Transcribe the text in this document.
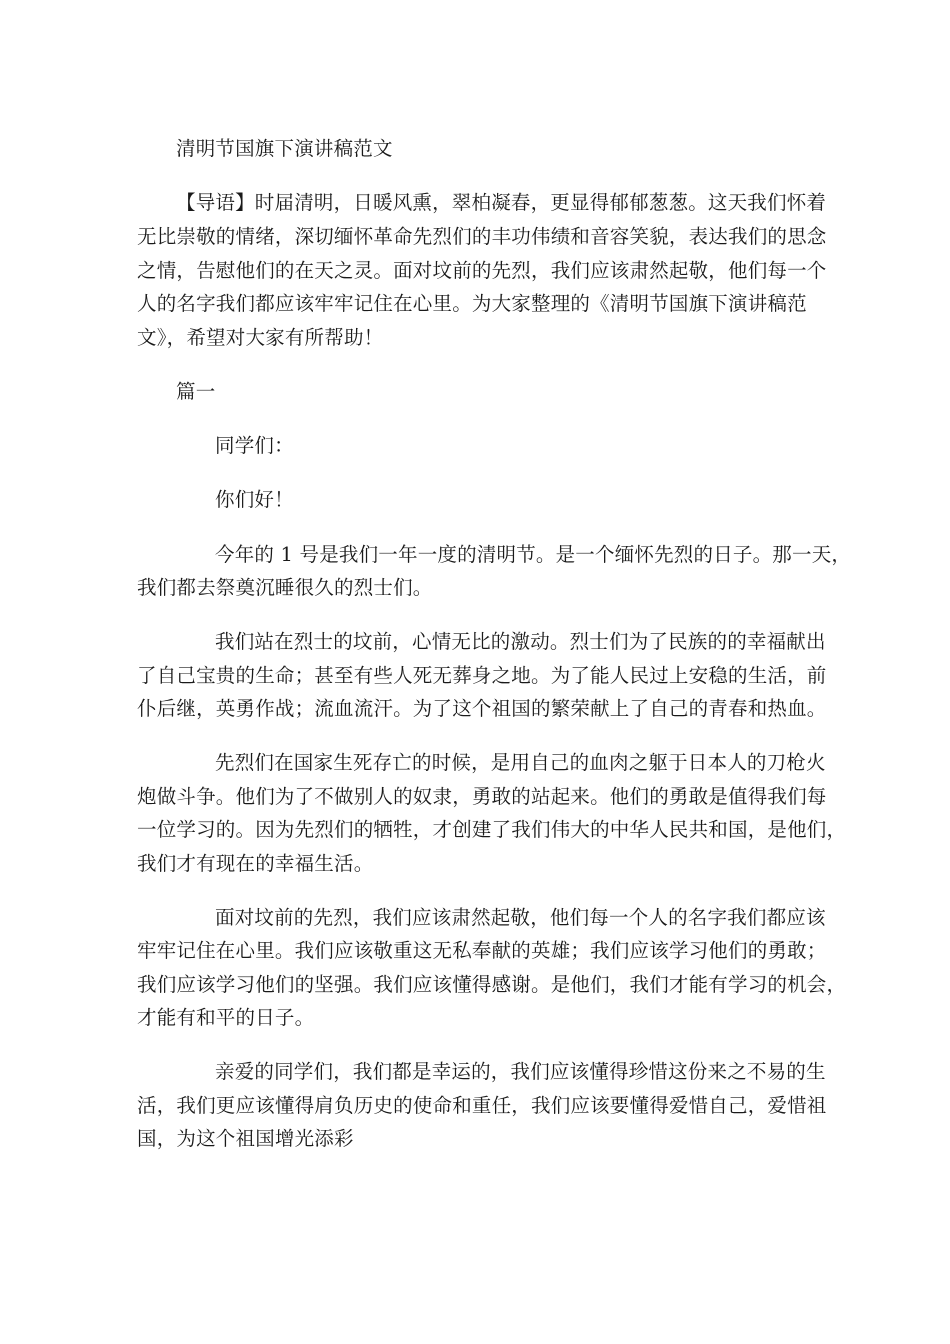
清明节国旗下演讲稿范文
【导语】时届清明，日暖风熏，翠柏凝春，更显得郁郁葱葱。这天我们怀着
无比崇敬的情绪，深切缅怀革命先烈们的丰功伟绩和音容笑貌，表达我们的思念
之情，告慰他们的在天之灵。面对坟前的先烈，我们应该肃然起敬，他们每一个
人的名字我们都应该牢牢记住在心里。为大家整理的《清明节国旗下演讲稿范
文》，希望对大家有所帮助！
篇一
同学们：
你们好！
今年的 1 号是我们一年一度的清明节。是一个缅怀先烈的日子。那一天，
我们都去祭奠沉睡很久的烈士们。
我们站在烈士的坟前，心情无比的激动。烈士们为了民族的的幸福献出
了自己宝贵的生命；甚至有些人死无葬身之地。为了能人民过上安稳的生活，前
仆后继，英勇作战；流血流汗。为了这个祖国的繁荣献上了自己的青春和热血。
先烈们在国家生死存亡的时候，是用自己的血肉之躯于日本人的刀枪火
炮做斗争。他们为了不做别人的奴隶，勇敢的站起来。他们的勇敢是值得我们每
一位学习的。因为先烈们的牺牲，才创建了我们伟大的中华人民共和国，是他们，
我们才有现在的幸福生活。
面对坟前的先烈，我们应该肃然起敬，他们每一个人的名字我们都应该
牢牢记住在心里。我们应该敬重这无私奉献的英雄；我们应该学习他们的勇敢；
我们应该学习他们的坚强。我们应该懂得感谢。是他们，我们才能有学习的机会，
才能有和平的日子。
亲爱的同学们，我们都是幸运的，我们应该懂得珍惜这份来之不易的生
活，我们更应该懂得肩负历史的使命和重任，我们应该要懂得爱惜自己，爱惜祖
国，为这个祖国增光添彩
